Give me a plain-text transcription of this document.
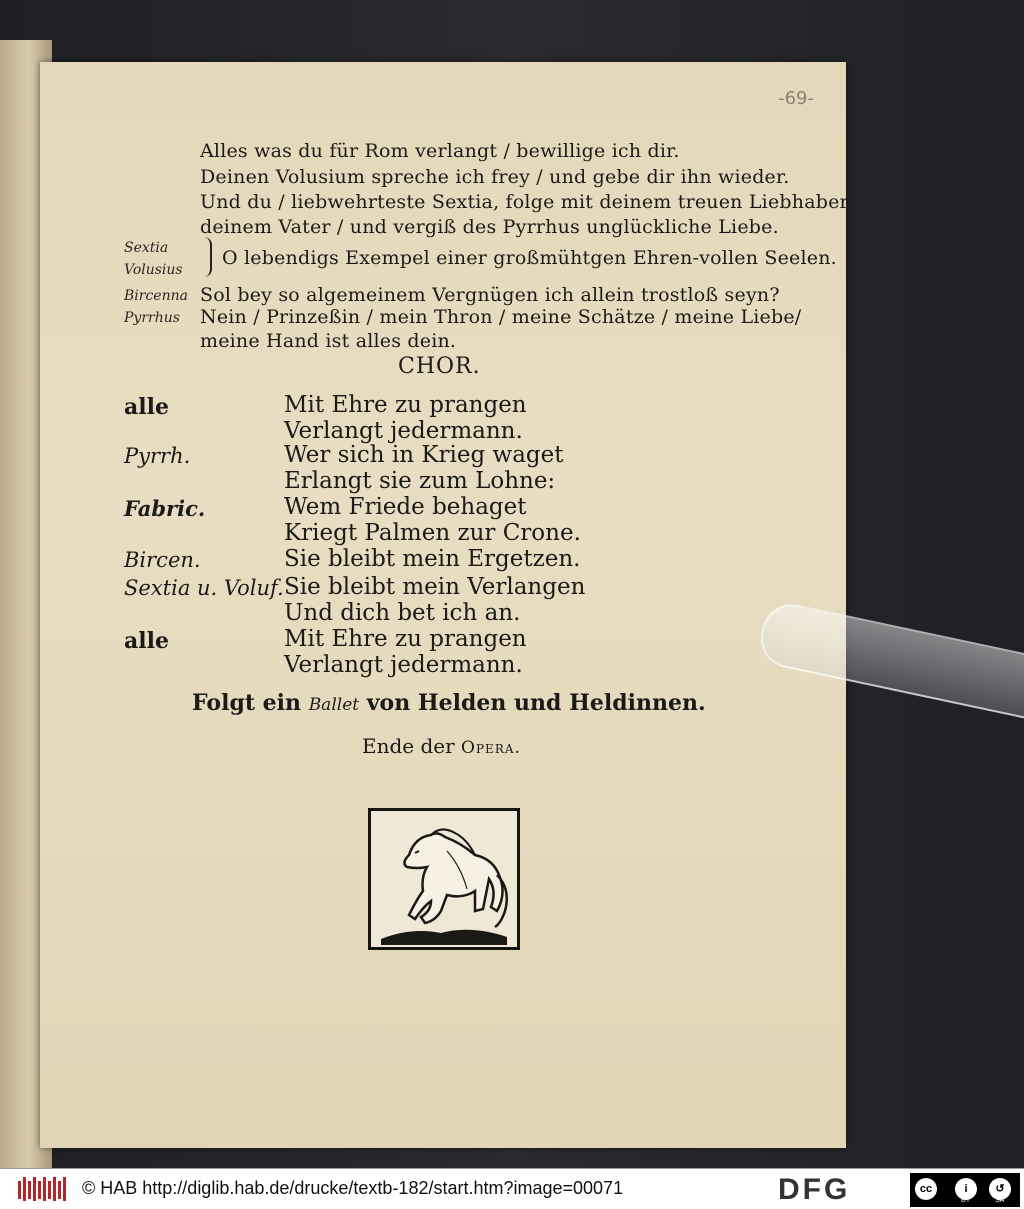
-69-
Alles was du für Rom verlangt / bewillige ich dir.
Deinen Volusium spreche ich frey / und gebe dir ihn wieder.
Und du / liebwehrteste Sextia, folge mit deinem treuen Liebhaber
deinem Vater / und vergiß des Pyrrhus unglückliche Liebe.
Sextia
Volusius
O lebendigs Exempel einer großmühtgen Ehren-vollen Seelen.
Bircenna Sol bey so algemeinem Vergnügen ich allein trostloß seyn?
Pyrrhus Nein / Prinzeßin / mein Thron / meine Schätze / meine Liebe/
meine Hand ist alles dein.
CHOR.
alle	Mit Ehre zu prangen
Verlangt jedermann.
Pyrrh.	Wer sich in Krieg waget
Erlangt sie zum Lohne:
Fabric.	Wem Friede behaget
Kriegt Palmen zur Crone.
Bircen.	Sie bleibt mein Ergetzen.
Sextia u. Voluf. Sie bleibt mein Verlangen
Und dich bet ich an.
alle	Mit Ehre zu prangen
Verlangt jedermann.
Folgt ein Ballet von Helden und Heldinnen.
Ende der Opera.
© HAB http://diglib.hab.de/drucke/textb-182/start.htm?image=00071	DFG	cc	i	↺
BY	SA
